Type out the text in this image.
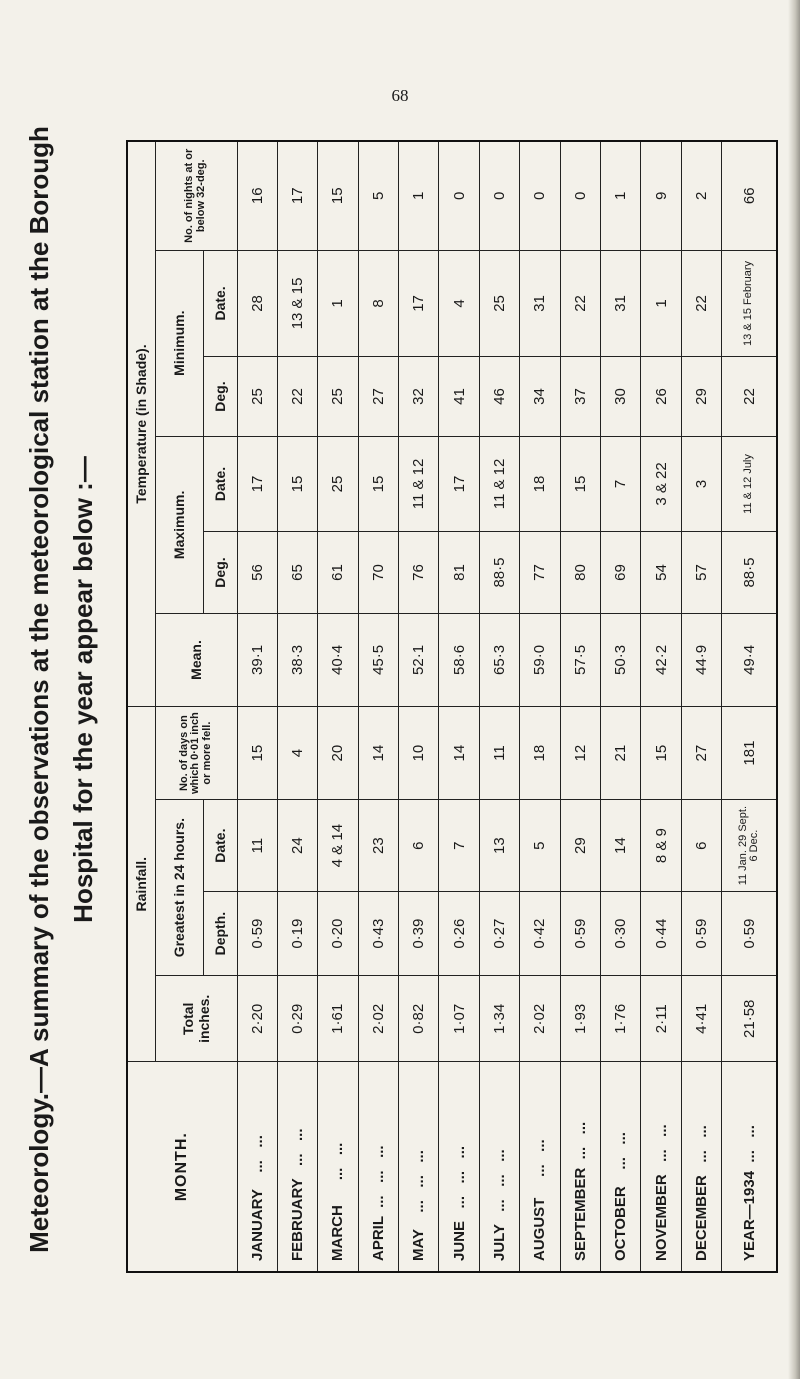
68
Meteorology.—A summary of the observations at the meteorological station at the Borough Hospital for the year appear below :—
MONTH.	Rainfall.				Temperature (in Shade).					
	Total inches.	Greatest in 24 hours.		No. of days on which 0·01 inch or more fell.	Mean.	Maximum.		Minimum.		No. of nights at or below 32-deg.
		Depth.	Date.			Deg.	Date.	Deg.	Date.	
JANUARY    ...   ...	2·20	0·59	11	15	39·1	56	17	25	28	16
FEBRUARY   ...   ...	0·29	0·19	24	4	38·3	65	15	22	13 & 15	17
MARCH      ...   ...	1·61	0·20	4 & 14	20	40·4	61	25	25	1	15
APRIL  ...   ...   ...	2·02	0·43	23	14	45·5	70	15	27	8	5
MAY    ...   ...   ...	0·82	0·39	6	10	52·1	76	11 & 12	32	17	1
JUNE   ...   ...   ...	1·07	0·26	7	14	58·6	81	17	41	4	0
JULY   ...   ...   ...	1·34	0·27	13	11	65·3	88·5	11 & 12	46	25	0
AUGUST     ...   ...	2·02	0·42	5	18	59·0	77	18	34	31	0
SEPTEMBER  ...   ...	1·93	0·59	29	12	57·5	80	15	37	22	0
OCTOBER    ...   ...	1·76	0·30	14	21	50·3	69	7	30	31	1
NOVEMBER   ...   ...	2·11	0·44	8 & 9	15	42·2	54	3 & 22	26	1	9
DECEMBER   ...   ...	4·41	0·59	6	27	44·9	57	3	29	22	2
YEAR—1934  ...   ...	21·58	0·59	11 Jan. 29 Sept. 6 Dec.	181	49·4	88·5	11 & 12 July	22	13 & 15 February	66
